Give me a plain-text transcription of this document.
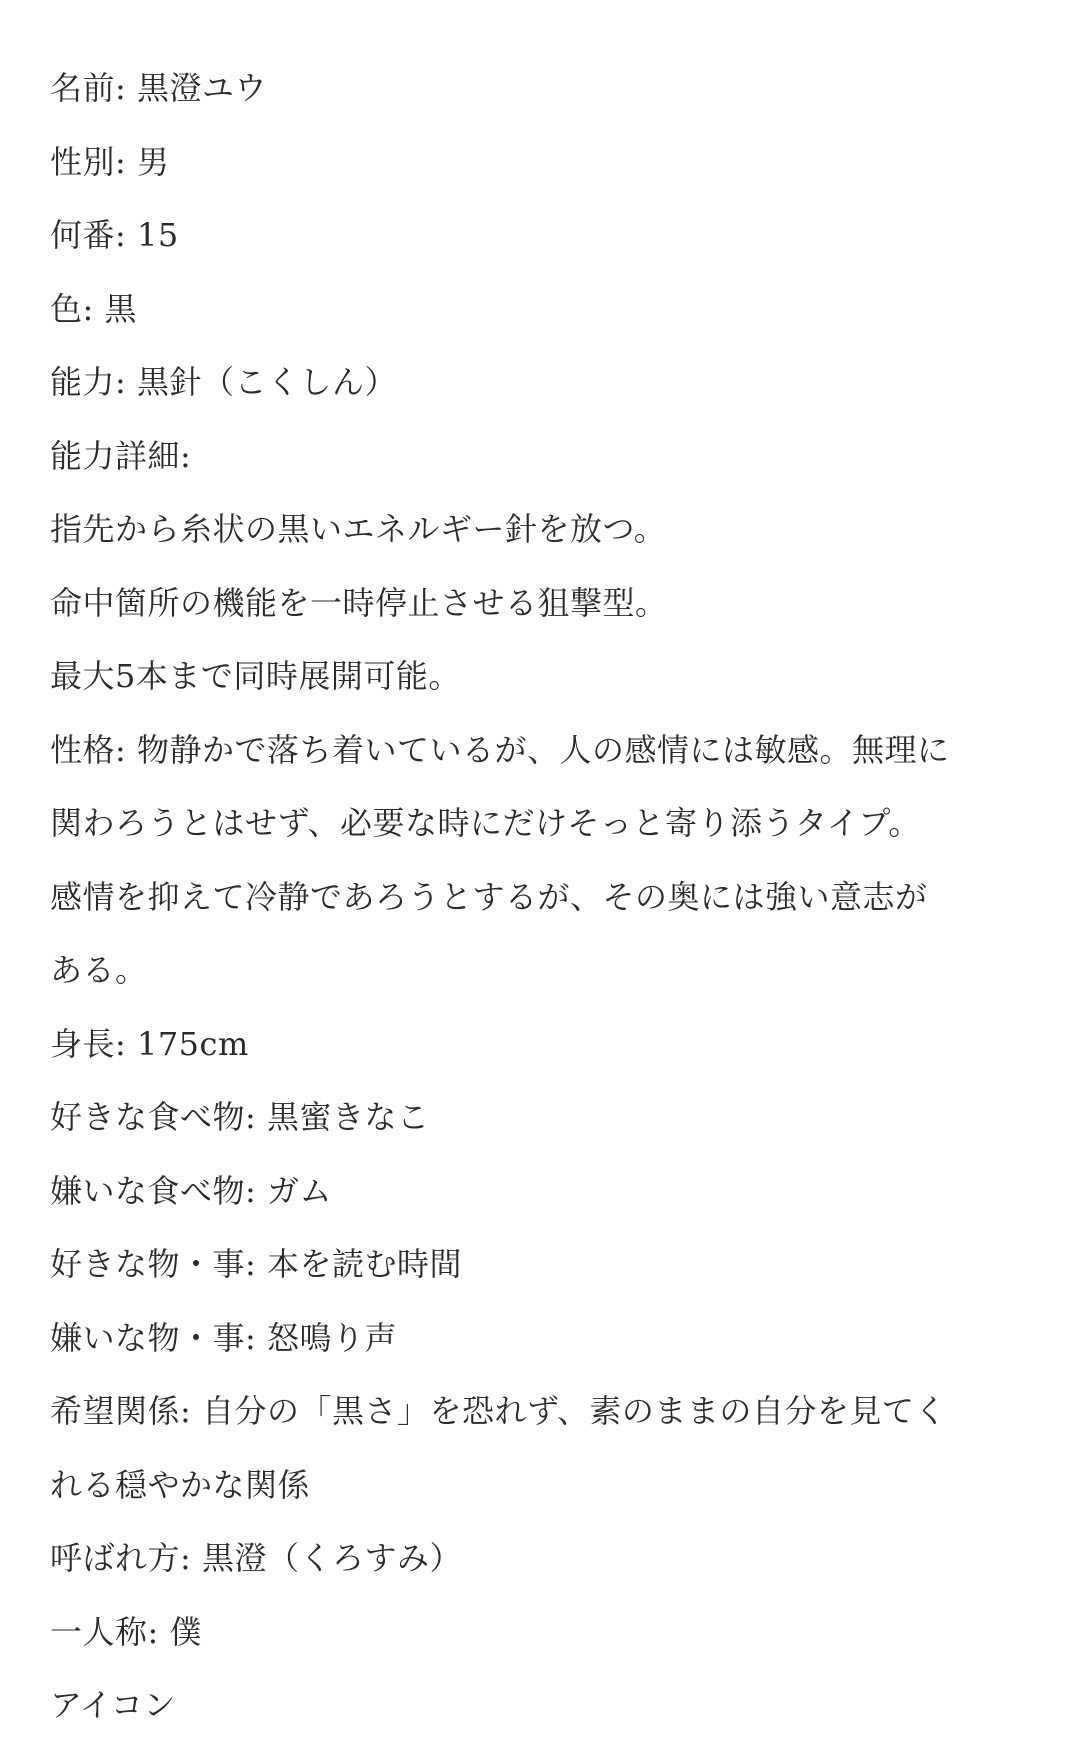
名前: 黒澄ユウ
性別: 男
何番: 15
色: 黒
能力: 黒針（こくしん）
能力詳細:
指先から糸状の黒いエネルギー針を放つ。
命中箇所の機能を一時停止させる狙撃型。
最大5本まで同時展開可能。
性格: 物静かで落ち着いているが、人の感情には敏感。無理に
関わろうとはせず、必要な時にだけそっと寄り添うタイプ。
感情を抑えて冷静であろうとするが、その奥には強い意志が
ある。
身長: 175cm
好きな食べ物: 黒蜜きなこ
嫌いな食べ物: ガム
好きな物・事: 本を読む時間
嫌いな物・事: 怒鳴り声
希望関係: 自分の「黒さ」を恐れず、素のままの自分を見てく
れる穏やかな関係
呼ばれ方: 黒澄（くろすみ）
一人称: 僕
アイコン
